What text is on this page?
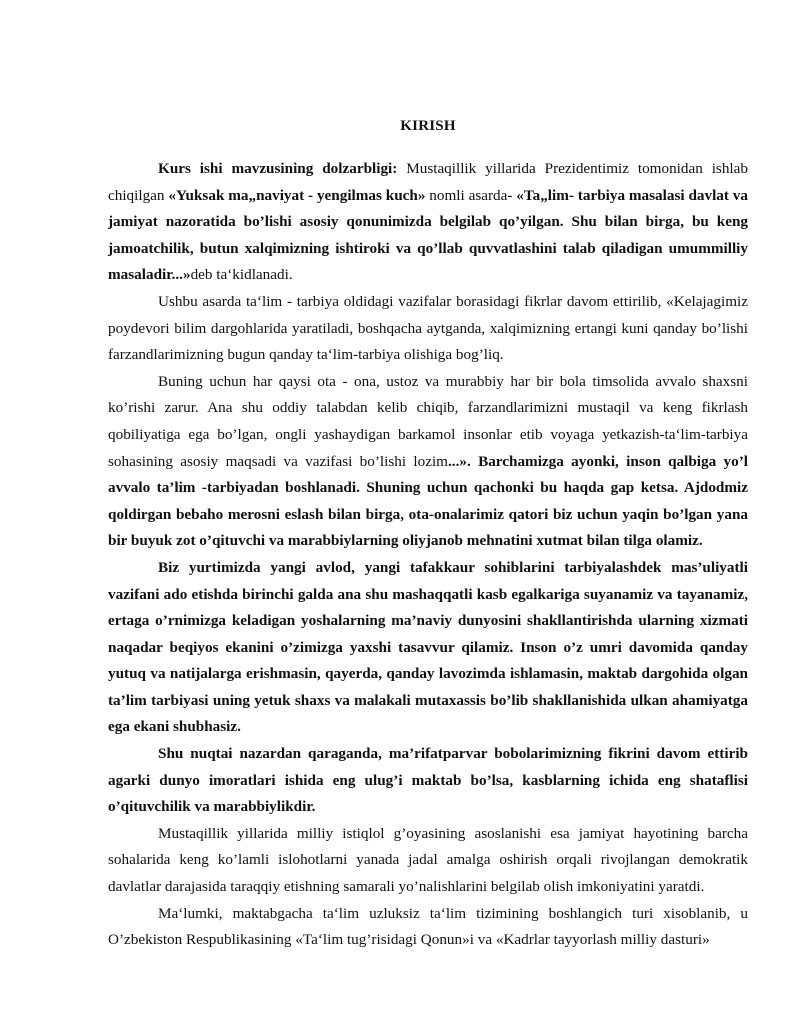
KIRISH

Kurs ishi mavzusining dolzarbligi: Mustaqillik yillarida Prezidentimiz tomonidan ishlab chiqilgan «Yuksak ma„naviyat - yengilmas kuch» nomli asarda- «Ta„lim- tarbiya masalasi davlat va jamiyat nazoratida bo’lishi asosiy qonunimizda belgilab qo’yilgan. Shu bilan birga, bu keng jamoatchilik, butun xalqimizning ishtiroki va qo’llab quvvatlashini talab qiladigan umummilliy masaladir...»deb ta‘kidlanadi.

Ushbu asarda ta‘lim - tarbiya oldidagi vazifalar borasidagi fikrlar davom ettirilib, «Kelajagimiz poydevori bilim dargohlarida yaratiladi, boshqacha aytganda, xalqimizning ertangi kuni qanday bo’lishi farzandlarimizning bugun qanday ta‘lim-tarbiya olishiga bog’liq.

Buning uchun har qaysi ota - ona, ustoz va murabbiy har bir bola timsolida avvalo shaxsni ko’rishi zarur. Ana shu oddiy talabdan kelib chiqib, farzandlarimizni mustaqil va keng fikrlash qobiliyatiga ega bo’lgan, ongli yashaydigan barkamol insonlar etib voyaga yetkazish-ta‘lim-tarbiya sohasining asosiy maqsadi va vazifasi bo’lishi lozim...». Barchamizga ayonki, inson qalbiga yo’l avvalo ta’lim -tarbiyadan boshlanadi. Shuning uchun qachonki bu haqda gap ketsa. Ajdodmiz qoldirgan bebaho merosni eslash bilan birga, ota-onalarimiz qatori biz uchun yaqin bo’lgan yana bir buyuk zot o’qituvchi va marabbiylarning oliyjanob mehnatini xutmat bilan tilga olamiz.

Biz yurtimizda yangi avlod, yangi tafakkaur sohiblarini tarbiyalashdek mas’uliyatli vazifani ado etishda birinchi galda ana shu mashaqqatli kasb egalkariga suyanamiz va tayanamiz, ertaga o’rnimizga keladigan yoshalarning ma’naviy dunyosini shakllantirishda ularning xizmati naqadar beqiyos ekanini o’zimizga yaxshi tasavvur qilamiz. Inson o’z umri davomida qanday yutuq va natijalarga erishmasin, qayerda, qanday lavozimda ishlamasin, maktab dargohida olgan ta’lim tarbiyasi uning yetuk shaxs va malakali mutaxassis bo’lib shakllanishida ulkan ahamiyatga ega ekani shubhasiz.

Shu nuqtai nazardan qaraganda, ma’rifatparvar bobolarimizning fikrini davom ettirib agarki dunyo imoratlari ishida eng ulug’i maktab bo’lsa, kasblarning ichida eng shataflisi o’qituvchilik va marabbiylikdir.

Mustaqillik yillarida milliy istiqlol g’oyasining asoslanishi esa jamiyat hayotining barcha sohalarida keng ko’lamli islohotlarni yanada jadal amalga oshirish orqali rivojlangan demokratik davlatlar darajasida taraqqiy etishning samarali yo’nalishlarini belgilab olish imkoniyatini yaratdi.

Ma‘lumki, maktabgacha ta‘lim uzluksiz ta‘lim tizimining boshlangich turi xisoblanib, u O’zbekiston Respublikasining «Ta‘lim tug’risidagi Qonun»i va «Kadrlar tayyorlash milliy dasturi»
